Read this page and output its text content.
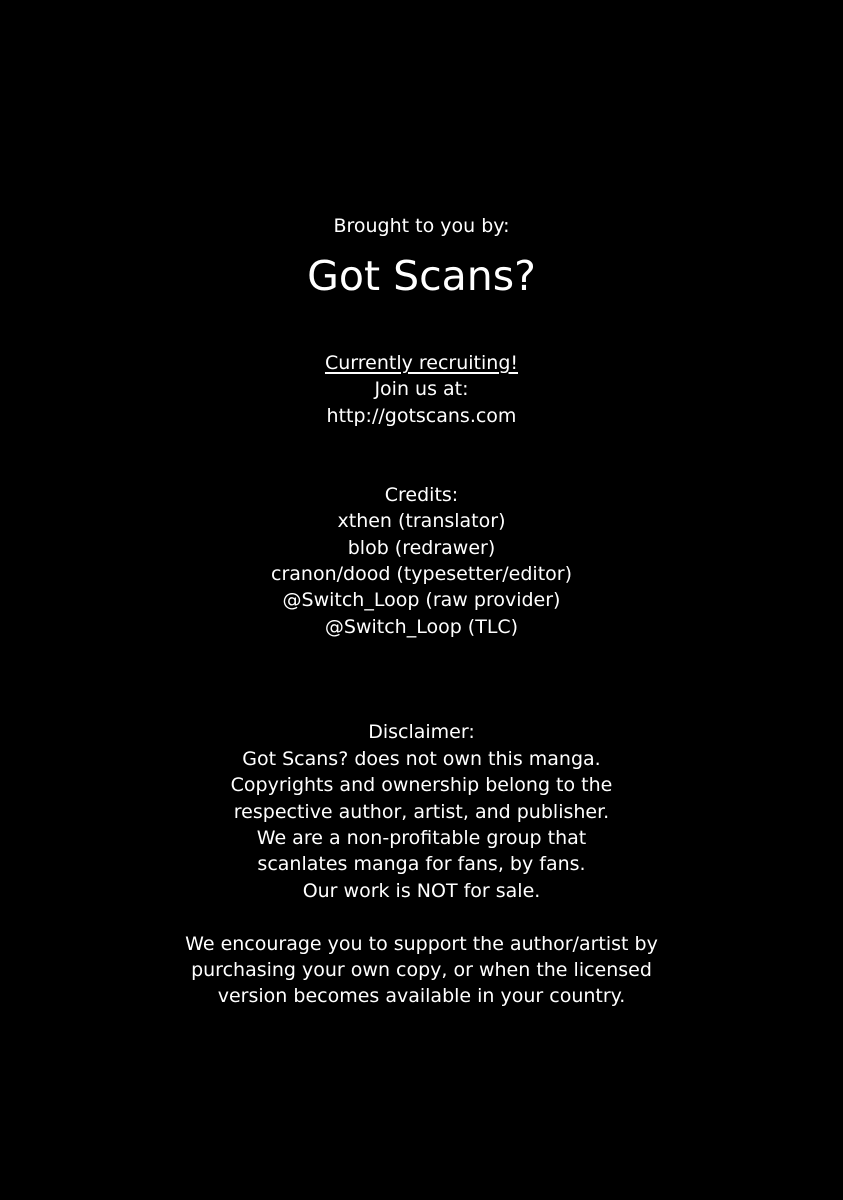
Brought to you by:
Got Scans?
Currently recruiting!
Join us at:
http://gotscans.com
Credits:
xthen (translator)
blob (redrawer)
cranon/dood (typesetter/editor)
@Switch_Loop (raw provider)
@Switch_Loop (TLC)
Disclaimer:
Got Scans? does not own this manga.
Copyrights and ownership belong to the
respective author, artist, and publisher.
We are a non-profitable group that
scanlates manga for fans, by fans.
Our work is NOT for sale.
We encourage you to support the author/artist by
purchasing your own copy, or when the licensed
version becomes available in your country.
